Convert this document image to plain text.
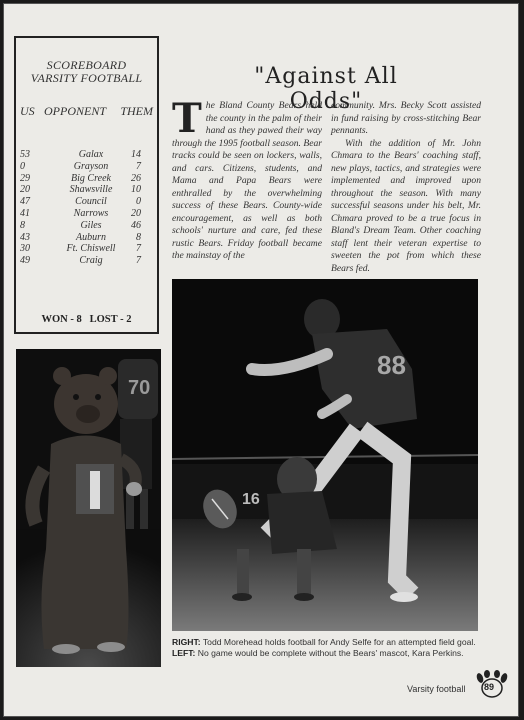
SCOREBOARD
VARSITY FOOTBALL
US OPPONENT THEM
53	Galax	14
0	Grayson	7
29	Big Creek	26
20	Shawsville	10
47	Council	0
41	Narrows	20
8	Giles	46
43	Auburn	8
30	Ft. Chiswell	7
49	Craig	7
WON - 8   LOST - 2
"Against All Odds"
The Bland County Bears held the county in the palm of their hand as they pawed their way through the 1995 football season. Bear tracks could be seen on lockers, walls, and cars. Citizens, students, and Mama and Papa Bears were enthralled by the overwhelming success of these Bears. County-wide encouragement, as well as both schools' nurture and care, fed these rustic Bears. Friday football became the mainstay of the
community. Mrs. Becky Scott assisted in fund raising by cross-stitching Bear pennants.
With the addition of Mr. John Chmara to the Bears' coaching staff, new plays, tactics, and strategies were implemented and improved upon throughout the season. With many successful seasons under his belt, Mr. Chmara proved to be a true focus in Bland's Dream Team. Other coaching staff lent their veteran expertise to sweeten the pot from which these Bears fed.
70
88
16
RIGHT: Todd Morehead holds football for Andy Selfe for an attempted field goal.
LEFT: No game would be complete without the Bears' mascot, Kara Perkins.
Varsity football 89
